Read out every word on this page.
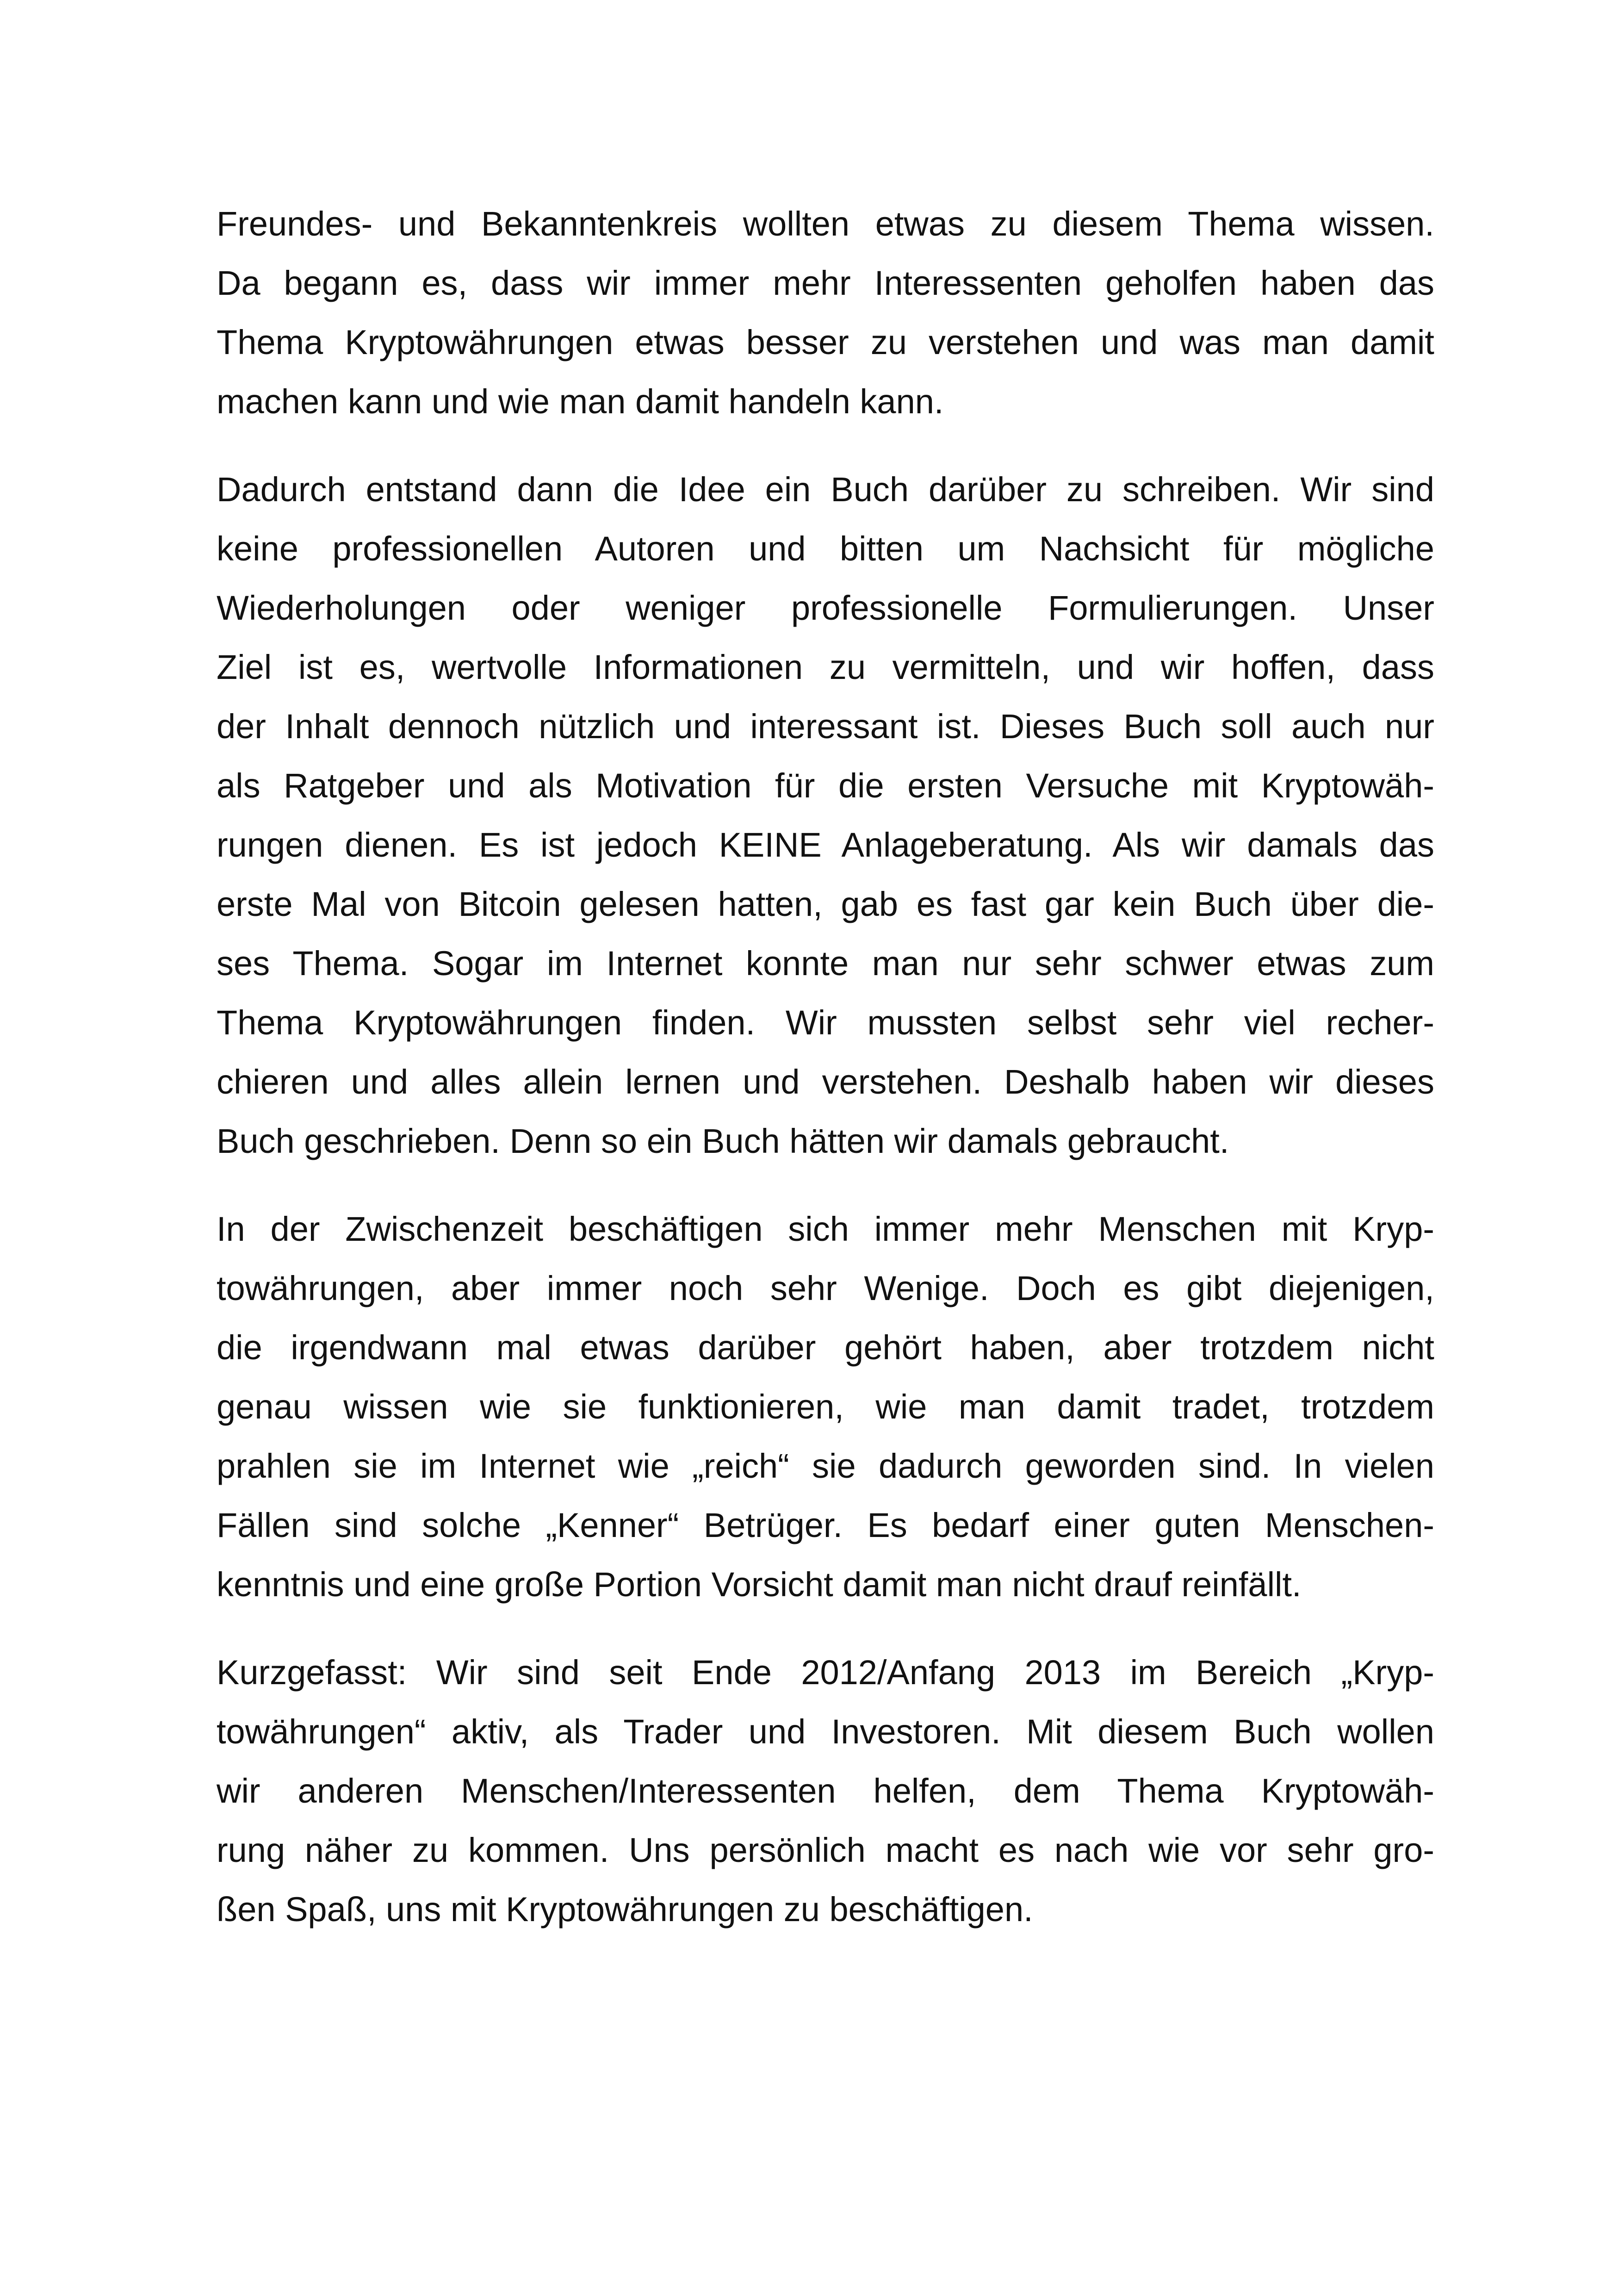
Freundes- und Bekanntenkreis wollten etwas zu diesem Thema wissen.
Da begann es, dass wir immer mehr Interessenten geholfen haben das
Thema Kryptowährungen etwas besser zu verstehen und was man damit
machen kann und wie man damit handeln kann.
Dadurch entstand dann die Idee ein Buch darüber zu schreiben. Wir sind
keine professionellen Autoren und bitten um Nachsicht für mögliche
Wiederholungen oder weniger professionelle Formulierungen. Unser
Ziel ist es, wertvolle Informationen zu vermitteln, und wir hoffen, dass
der Inhalt dennoch nützlich und interessant ist. Dieses Buch soll auch nur
als Ratgeber und als Motivation für die ersten Versuche mit Kryptowäh-
rungen dienen. Es ist jedoch KEINE Anlageberatung. Als wir damals das
erste Mal von Bitcoin gelesen hatten, gab es fast gar kein Buch über die-
ses Thema. Sogar im Internet konnte man nur sehr schwer etwas zum
Thema Kryptowährungen finden. Wir mussten selbst sehr viel recher-
chieren und alles allein lernen und verstehen. Deshalb haben wir dieses
Buch geschrieben. Denn so ein Buch hätten wir damals gebraucht.
In der Zwischenzeit beschäftigen sich immer mehr Menschen mit Kryp-
towährungen, aber immer noch sehr Wenige. Doch es gibt diejenigen,
die irgendwann mal etwas darüber gehört haben, aber trotzdem nicht
genau wissen wie sie funktionieren, wie man damit tradet, trotzdem
prahlen sie im Internet wie „reich“ sie dadurch geworden sind. In vielen
Fällen sind solche „Kenner“ Betrüger. Es bedarf einer guten Menschen-
kenntnis und eine große Portion Vorsicht damit man nicht drauf reinfällt.
Kurzgefasst: Wir sind seit Ende 2012/Anfang 2013 im Bereich „Kryp-
towährungen“ aktiv, als Trader und Investoren. Mit diesem Buch wollen
wir anderen Menschen/Interessenten helfen, dem Thema Kryptowäh-
rung näher zu kommen. Uns persönlich macht es nach wie vor sehr gro-
ßen Spaß, uns mit Kryptowährungen zu beschäftigen.
